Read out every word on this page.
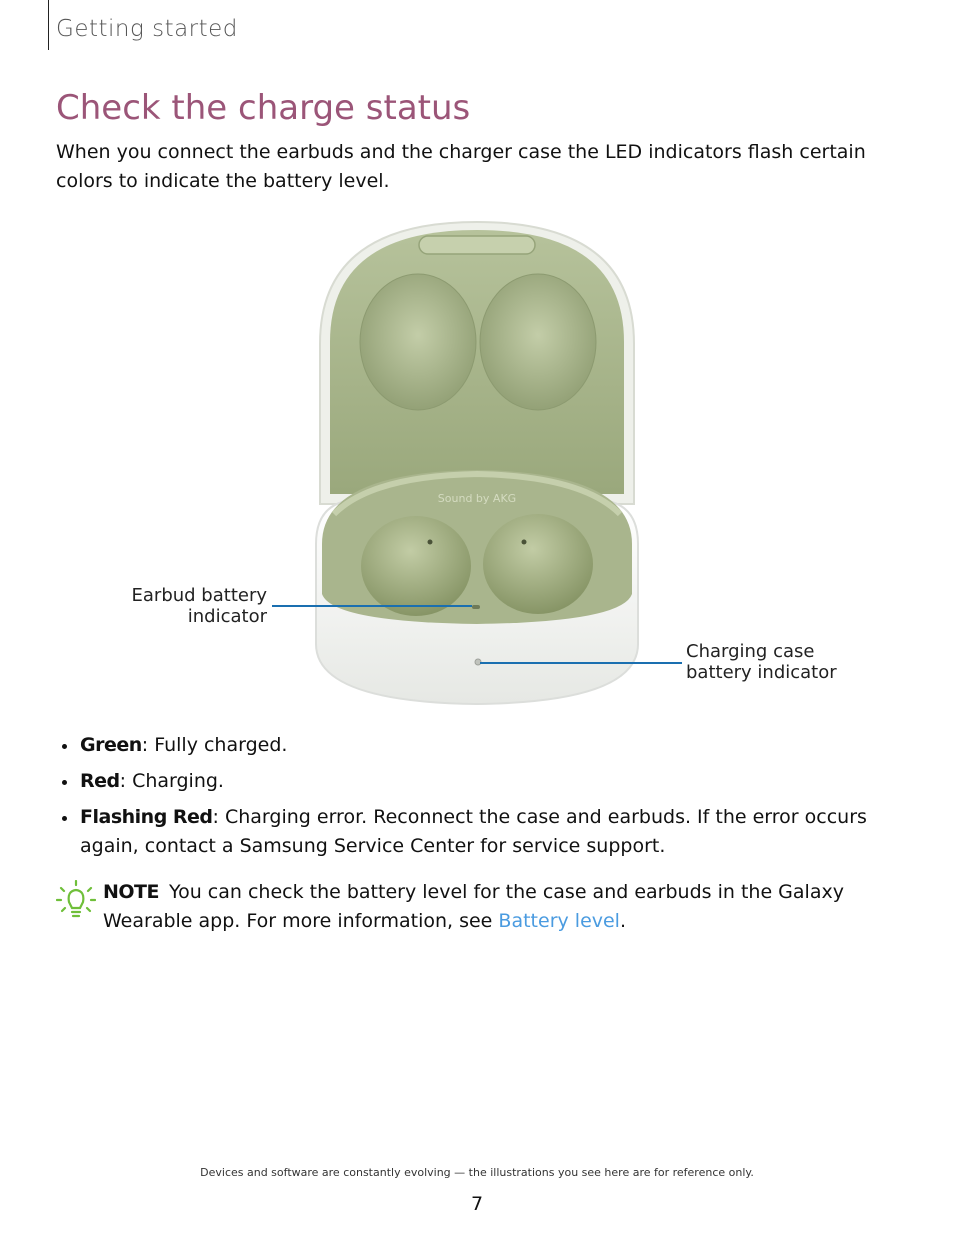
Getting started
Check the charge status

When you connect the earbuds and the charger case the LED indicators flash certain colors to indicate the battery level.

Sound by AKG
Earbud battery
indicator
Charging case
battery indicator
Green: Fully charged.
Red: Charging.
Flashing Red: Charging error. Reconnect the case and earbuds. If the error occurs again, contact a Samsung Service Center for service support.

NOTE You can check the battery level for the case and earbuds in the Galaxy Wearable app. For more information, see Battery level.

Devices and software are constantly evolving — the illustrations you see here are for reference only.
7
